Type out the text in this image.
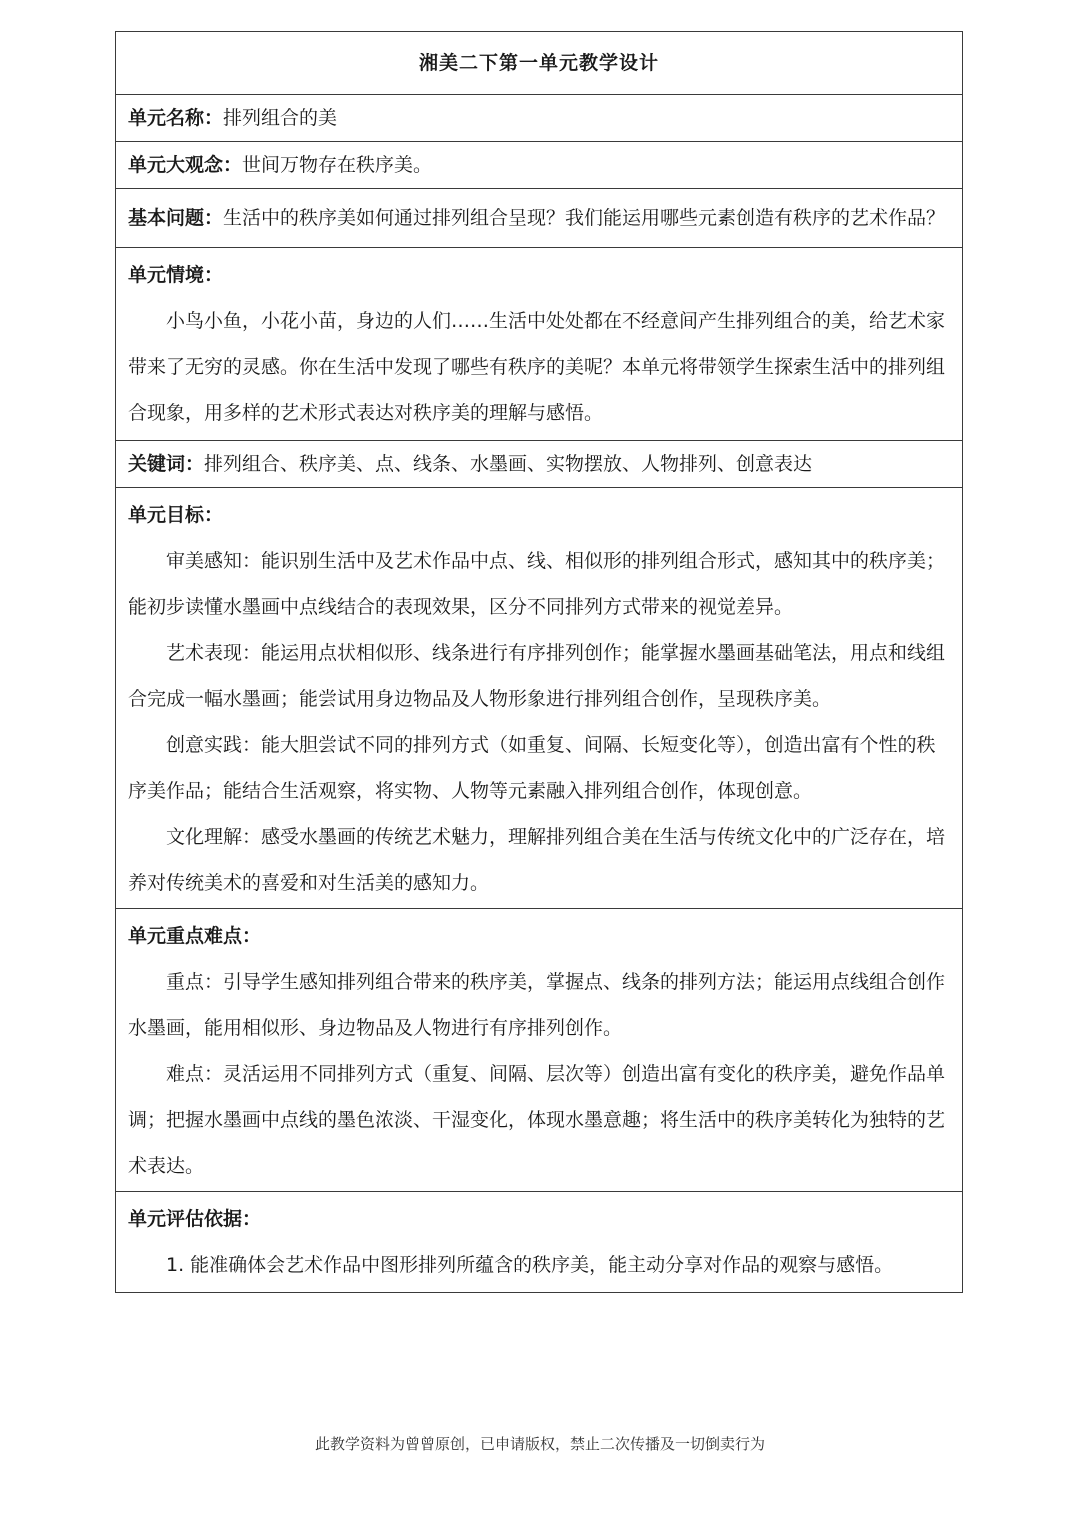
湘美二下第一单元教学设计
单元名称：排列组合的美
单元大观念：世间万物存在秩序美。
基本问题：生活中的秩序美如何通过排列组合呈现？我们能运用哪些元素创造有秩序的艺术作品？

单元情境：

小鸟小鱼，小花小苗，身边的人们……生活中处处都在不经意间产生排列组合的美，给艺术家带来了无穷的灵感。你在生活中发现了哪些有秩序的美呢？本单元将带领学生探索生活中的排列组合现象，用多样的艺术形式表达对秩序美的理解与感悟。

关键词：排列组合、秩序美、点、线条、水墨画、实物摆放、人物排列、创意表达

单元目标：

审美感知：能识别生活中及艺术作品中点、线、相似形的排列组合形式，感知其中的秩序美；能初步读懂水墨画中点线结合的表现效果，区分不同排列方式带来的视觉差异。

艺术表现：能运用点状相似形、线条进行有序排列创作；能掌握水墨画基础笔法，用点和线组合完成一幅水墨画；能尝试用身边物品及人物形象进行排列组合创作，呈现秩序美。

创意实践：能大胆尝试不同的排列方式（如重复、间隔、长短变化等），创造出富有个性的秩序美作品；能结合生活观察，将实物、人物等元素融入排列组合创作，体现创意。

文化理解：感受水墨画的传统艺术魅力，理解排列组合美在生活与传统文化中的广泛存在，培养对传统美术的喜爱和对生活美的感知力。

单元重点难点：

重点：引导学生感知排列组合带来的秩序美，掌握点、线条的排列方法；能运用点线组合创作水墨画，能用相似形、身边物品及人物进行有序排列创作。

难点：灵活运用不同排列方式（重复、间隔、层次等）创造出富有变化的秩序美，避免作品单调；把握水墨画中点线的墨色浓淡、干湿变化，体现水墨意趣；将生活中的秩序美转化为独特的艺术表达。

单元评估依据：

1. 能准确体会艺术作品中图形排列所蕴含的秩序美，能主动分享对作品的观察与感悟。

此教学资料为曾曾原创，已申请版权，禁止二次传播及一切倒卖行为
